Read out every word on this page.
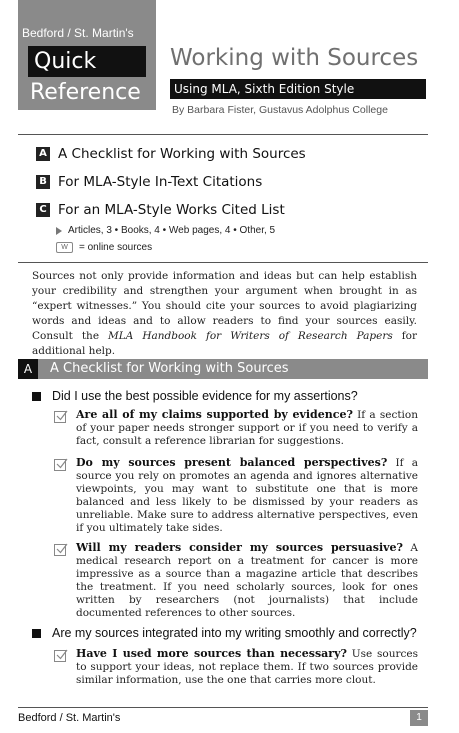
Bedford / St. Martin's
Quick
Reference
Working with Sources
Using MLA, Sixth Edition Style
By Barbara Fister, Gustavus Adolphus College
A A Checklist for Working with Sources
B For MLA-Style In-Text Citations
C For an MLA-Style Works Cited List
Articles, 3 • Books, 4 • Web pages, 4 • Other, 5
W	= online sources

Sources not only provide information and ideas but can help establish your credibility and strengthen your argument when brought in as “expert witnesses.” You should cite your sources to avoid plagiarizing words and ideas and to allow readers to find your sources easily. Consult the MLA Handbook for Writers of Research Papers for additional help.

A	A Checklist for Working with Sources
Did I use the best possible evidence for my assertions?

Are all of my claims supported by evidence? If a section of your paper needs stronger support or if you need to verify a fact, consult a reference librarian for suggestions.

Do my sources present balanced perspectives? If a source you rely on promotes an agenda and ignores alternative viewpoints, you may want to substitute one that is more balanced and less likely to be dismissed by your readers as unreliable. Make sure to address alternative perspectives, even if you ultimately take sides.

Will my readers consider my sources persuasive? A medical research report on a treatment for cancer is more impressive as a source than a magazine article that describes the treatment. If you need scholarly sources, look for ones written by researchers (not journalists) that include documented references to other sources.

Are my sources integrated into my writing smoothly and correctly?

Have I used more sources than necessary? Use sources to support your ideas, not replace them. If two sources provide similar information, use the one that carries more clout.

Bedford / St. Martin's	1
